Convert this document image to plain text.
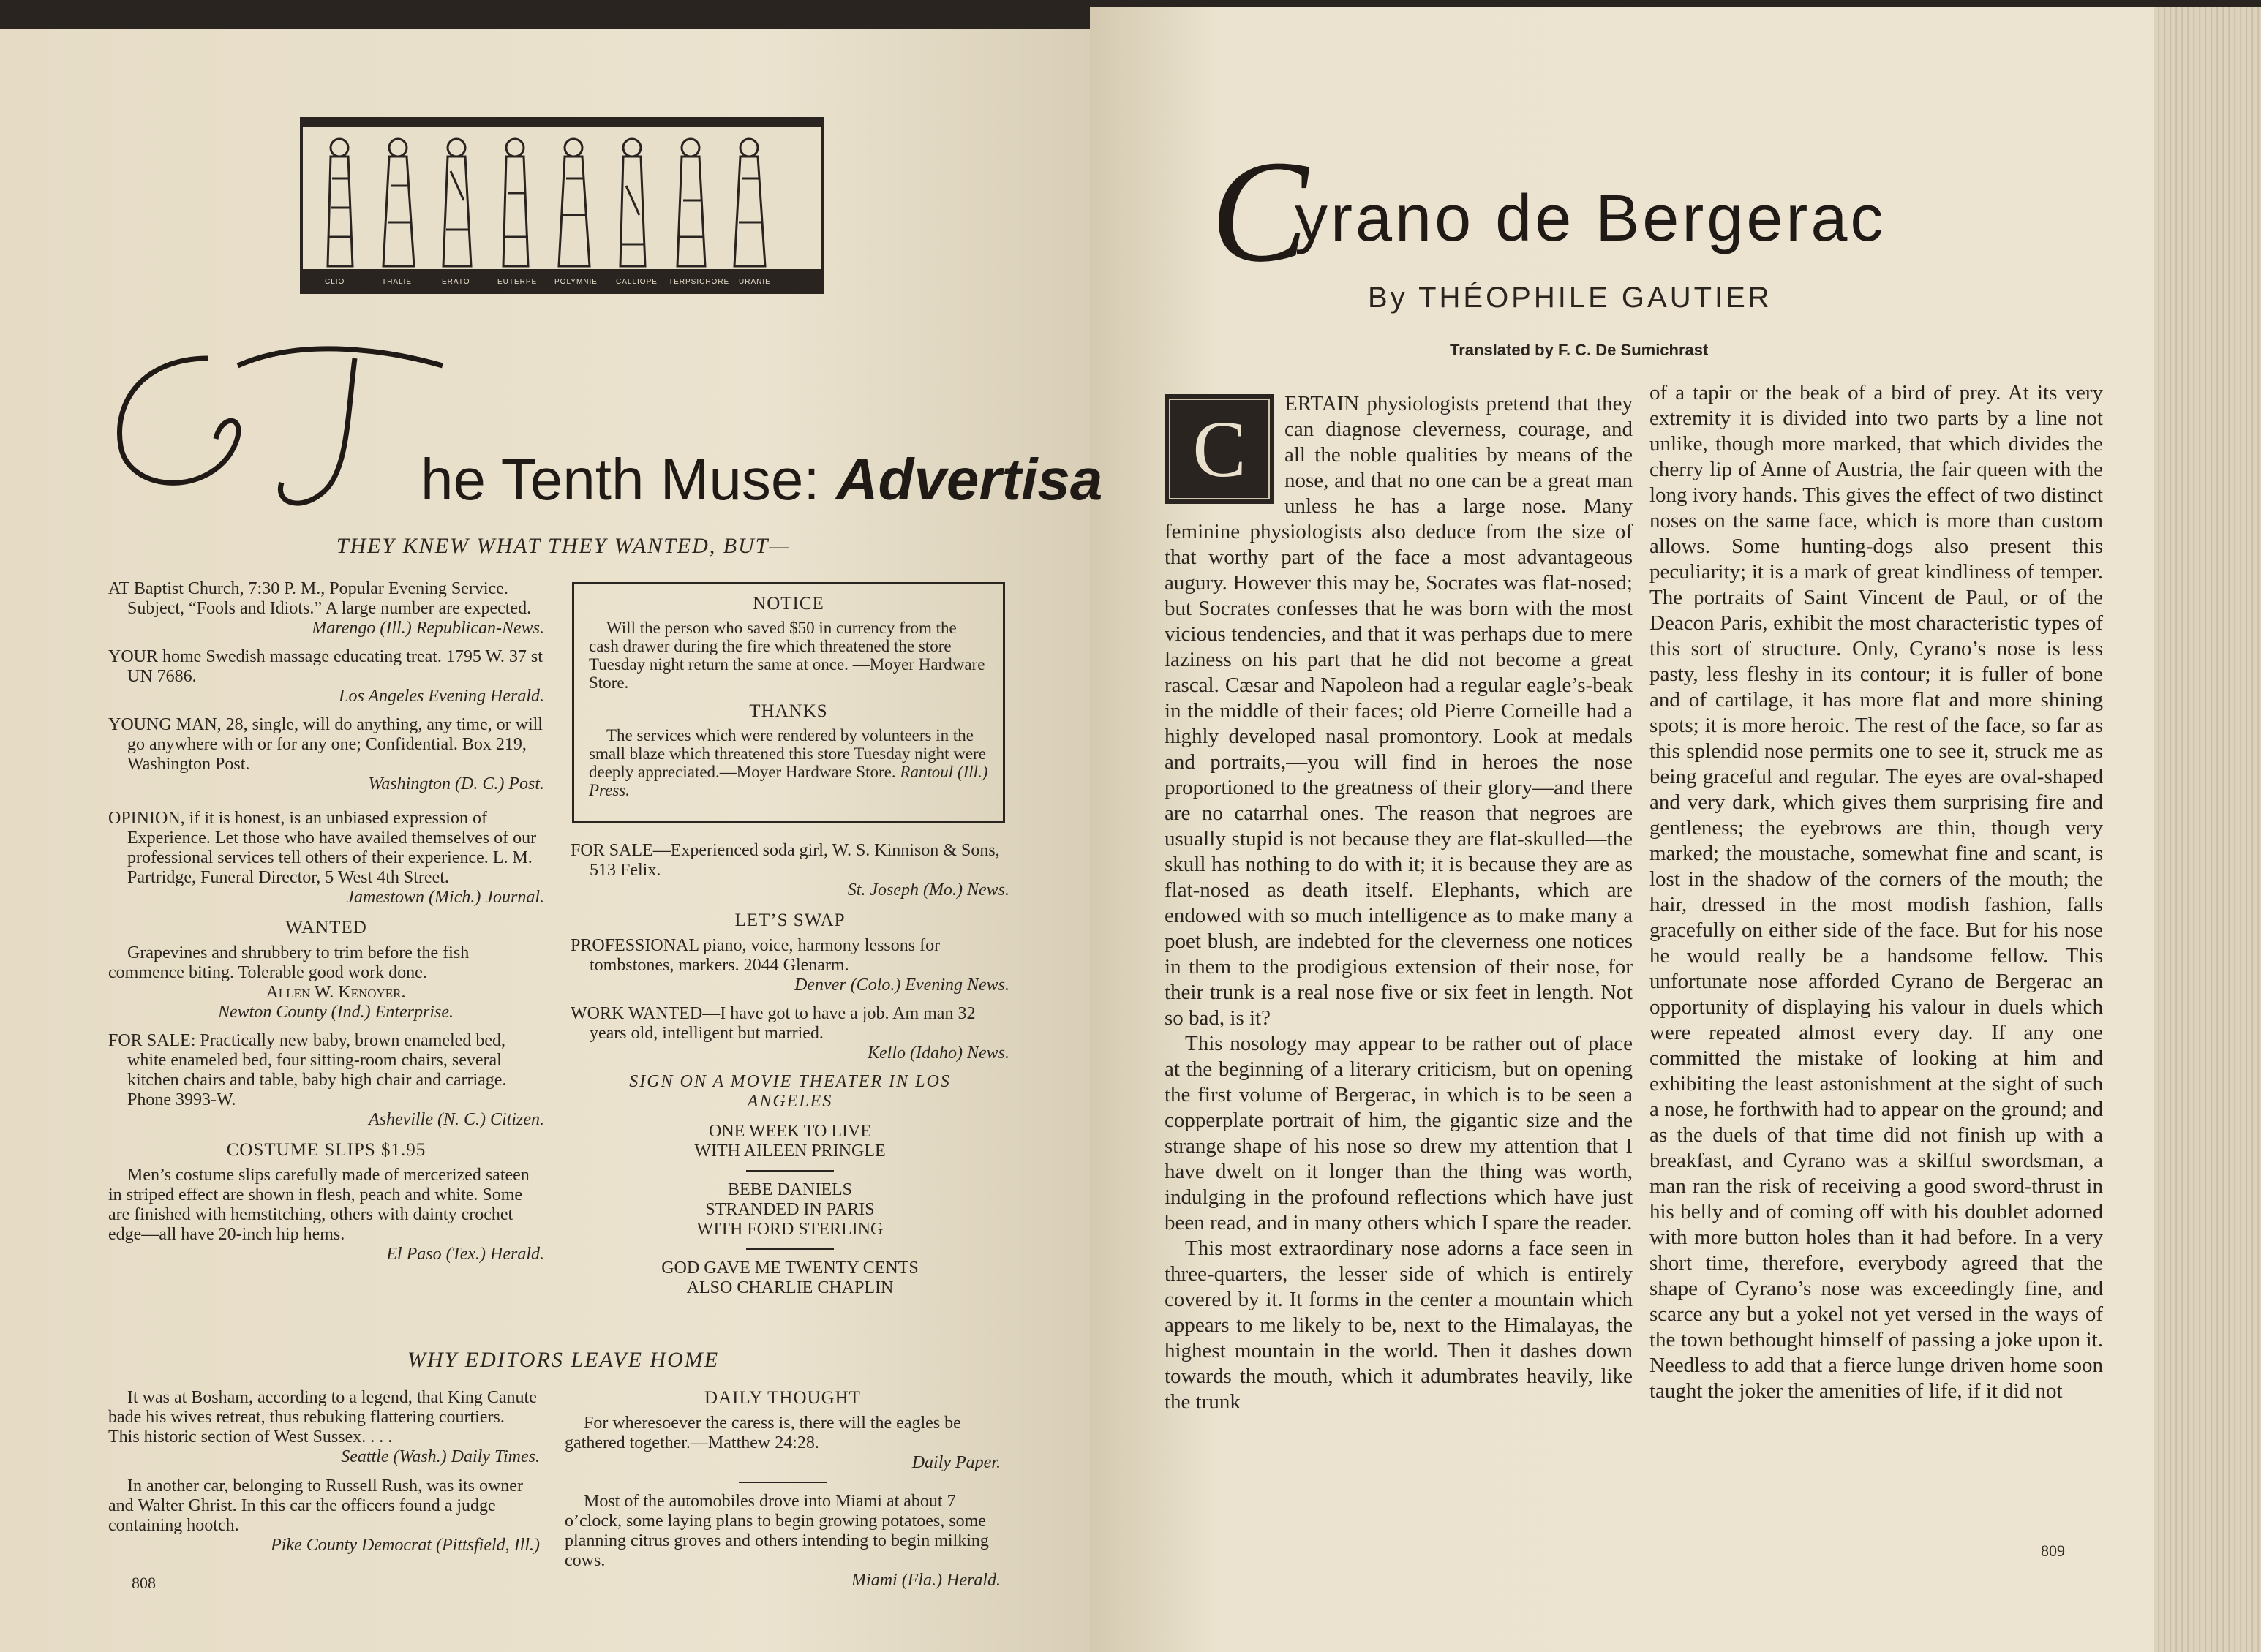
CLIO	THALIE	ERATO	EUTERPE POLYMNIE	CALLIOPE TERPSICHORE URANIE
he Tenth Muse: Advertisa
THEY KNEW WHAT THEY WANTED, BUT—

AT Baptist Church, 7:30 P. M., Popular Evening Service. Subject, “Fools and Idiots.” A large number are expected.

Marengo (Ill.) Republican-News.

YOUR home Swedish massage educating treat. 1795 W. 37 st UN 7686.

Los Angeles Evening Herald.

YOUNG MAN, 28, single, will do anything, any time, or will go anywhere with or for any one; Confidential. Box 219, Washington Post.

Washington (D. C.) Post.

OPINION, if it is honest, is an unbiased expression of Experience. Let those who have availed themselves of our professional services tell others of their experience. L. M. Partridge, Funeral Director, 5 West 4th Street.

Jamestown (Mich.) Journal.

WANTED

Grapevines and shrubbery to trim before the fish commence biting. Tolerable good work done.

Allen W. Kenoyer.
Newton County (Ind.) Enterprise.

FOR SALE: Practically new baby, brown enameled bed, white enameled bed, four sitting-room chairs, several kitchen chairs and table, baby high chair and carriage. Phone 3993-W.

Asheville (N. C.) Citizen.

COSTUME SLIPS $1.95

Men’s costume slips carefully made of mercerized sateen in striped effect are shown in flesh, peach and white. Some are finished with hemstitching, others with dainty crochet edge—all have 20-inch hip hems.

El Paso (Tex.) Herald.

NOTICE
Will the person who saved $50 in currency from the cash drawer during the fire which threatened the store Tuesday night return the same at once. —Moyer Hardware Store.
THANKS
The services which were rendered by volunteers in the small blaze which threatened this store Tuesday night were deeply appreciated.—Moyer Hardware Store. Rantoul (Ill.) Press.

FOR SALE—Experienced soda girl, W. S. Kinnison & Sons, 513 Felix.

St. Joseph (Mo.) News.

LET’S SWAP

PROFESSIONAL piano, voice, harmony lessons for tombstones, markers. 2044 Glenarm.

Denver (Colo.) Evening News.

WORK WANTED—I have got to have a job. Am man 32 years old, intelligent but married.

Kello (Idaho) News.

SIGN ON A MOVIE THEATER IN LOS ANGELES
ONE WEEK TO LIVE
WITH AILEEN PRINGLE
BEBE DANIELS
STRANDED IN PARIS
WITH FORD STERLING
GOD GAVE ME TWENTY CENTS
ALSO CHARLIE CHAPLIN
WHY EDITORS LEAVE HOME

It was at Bosham, according to a legend, that King Canute bade his wives retreat, thus rebuking flattering courtiers. This historic section of West Sussex. . . .
Seattle (Wash.) Daily Times.

In another car, belonging to Russell Rush, was its owner and Walter Ghrist. In this car the officers found a judge containing hootch.

Pike County Democrat (Pittsfield, Ill.)

DAILY THOUGHT

For wheresoever the caress is, there will the eagles be gathered together.—Matthew 24:28.

Daily Paper.

Most of the automobiles drove into Miami at about 7 o’clock, some laying plans to begin growing potatoes, some planning citrus groves and others intending to begin milking cows.

Miami (Fla.) Herald.

808
C
yrano de Bergerac
By THÉOPHILE GAUTIER
Translated by F. C. De Sumichrast
C

ERTAIN physiologists pretend that they can diagnose cleverness, courage, and all the noble qualities by means of the nose, and that no one can be a great man unless he has a large nose. Many feminine physiologists also deduce from the size of that worthy part of the face a most advantageous augury. However this may be, Socrates was flat-nosed; but Socrates confesses that he was born with the most vicious tendencies, and that it was perhaps due to mere laziness on his part that he did not become a great rascal. Cæsar and Napoleon had a regular eagle’s-beak in the middle of their faces; old Pierre Corneille had a highly developed nasal promontory. Look at medals and portraits,—you will find in heroes the nose proportioned to the greatness of their glory—and there are no catarrhal ones. The reason that negroes are usually stupid is not because they are flat-skulled—the skull has nothing to do with it; it is because they are as flat-nosed as death itself. Elephants, which are endowed with so much intelligence as to make many a poet blush, are indebted for the cleverness one notices in them to the prodigious extension of their nose, for their trunk is a real nose five or six feet in length. Not so bad, is it?

This nosology may appear to be rather out of place at the beginning of a literary criticism, but on opening the first volume of Bergerac, in which is to be seen a copperplate portrait of him, the gigantic size and the strange shape of his nose so drew my attention that I have dwelt on it longer than the thing was worth, indulging in the profound reflections which have just been read, and in many others which I spare the reader.

This most extraordinary nose adorns a face seen in three-quarters, the lesser side of which is entirely covered by it. It forms in the center a mountain which appears to me likely to be, next to the Himalayas, the highest mountain in the world. Then it dashes down towards the mouth, which it adumbrates heavily, like the trunk

of a tapir or the beak of a bird of prey. At its very extremity it is divided into two parts by a line not unlike, though more marked, that which divides the cherry lip of Anne of Austria, the fair queen with the long ivory hands. This gives the effect of two distinct noses on the same face, which is more than custom allows. Some hunting-dogs also present this peculiarity; it is a mark of great kindliness of temper. The portraits of Saint Vincent de Paul, or of the Deacon Paris, exhibit the most characteristic types of this sort of structure. Only, Cyrano’s nose is less pasty, less fleshy in its contour; it is fuller of bone and of cartilage, it has more flat and more shining spots; it is more heroic. The rest of the face, so far as this splendid nose permits one to see it, struck me as being graceful and regular. The eyes are oval-shaped and very dark, which gives them surprising fire and gentleness; the eyebrows are thin, though very marked; the moustache, somewhat fine and scant, is lost in the shadow of the corners of the mouth; the hair, dressed in the most modish fashion, falls gracefully on either side of the face. But for his nose he would really be a handsome fellow. This unfortunate nose afforded Cyrano de Bergerac an opportunity of displaying his valour in duels which were repeated almost every day. If any one committed the mistake of looking at him and exhibiting the least astonishment at the sight of such a nose, he forthwith had to appear on the ground; and as the duels of that time did not finish up with a breakfast, and Cyrano was a skilful swordsman, a man ran the risk of receiving a good sword-thrust in his belly and of coming off with his doublet adorned with more button holes than it had before. In a very short time, therefore, everybody agreed that the shape of Cyrano’s nose was exceedingly fine, and scarce any but a yokel not yet versed in the ways of the town bethought himself of passing a joke upon it. Needless to add that a fierce lunge driven home soon taught the joker the amenities of life, if it did not

809
